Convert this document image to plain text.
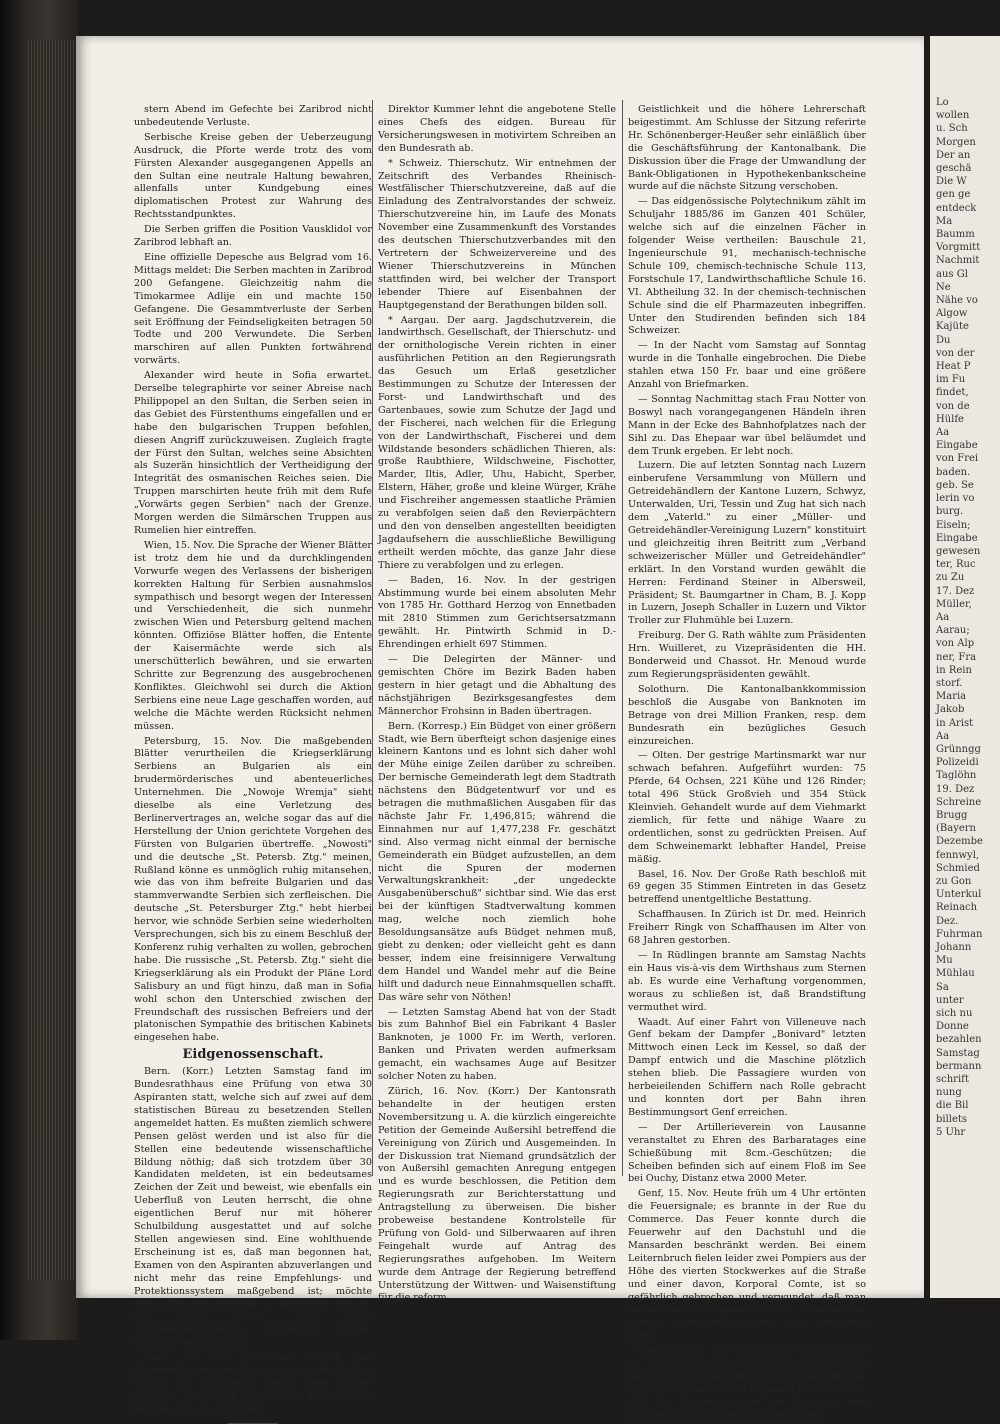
stern Abend im Gefechte bei Zaribrod nicht unbedeutende Verluste.

Serbische Kreise geben der Ueberzeugung Ausdruck, die Pforte werde trotz des vom Fürsten Alexander ausgegangenen Appells an den Sultan eine neutrale Haltung bewahren, allenfalls unter Kundgebung eines diplomatischen Protest zur Wahrung des Rechtsstandpunktes.

Die Serben griffen die Position Vausklidol vor Zaribrod lebhaft an.

Eine offizielle Depesche aus Belgrad vom 16. Mittags meldet: Die Serben machten in Zaribrod 200 Gefangene. Gleichzeitig nahm die Timokarmee Adlije ein und machte 150 Gefangene. Die Gesammtverluste der Serben seit Eröffnung der Feindseligkeiten betragen 50 Todte und 200 Verwundete. Die Serben marschiren auf allen Punkten fortwährend vorwärts.

Alexander wird heute in Sofia erwartet. Derselbe telegraphirte vor seiner Abreise nach Philippopel an den Sultan, die Serben seien in das Gebiet des Fürstenthums eingefallen und er habe den bulgarischen Truppen befohlen, diesen Angriff zurückzuweisen. Zugleich fragte der Fürst den Sultan, welches seine Absichten als Suzerän hinsichtlich der Vertheidigung der Integrität des osmanischen Reiches seien. Die Truppen marschirten heute früh mit dem Rufe „Vorwärts gegen Serbien" nach der Grenze. Morgen werden die Silmärschen Truppen aus Rumelien hier eintreffen.

Wien, 15. Nov. Die Sprache der Wiener Blätter ist trotz dem hie und da durchklingenden Vorwurfe wegen des Verlassens der bisherigen korrekten Haltung für Serbien ausnahmslos sympathisch und besorgt wegen der Interessen und Verschiedenheit, die sich nunmehr zwischen Wien und Petersburg geltend machen könnten. Offiziöse Blätter hoffen, die Entente der Kaisermächte werde sich als unerschütterlich bewähren, und sie erwarten Schritte zur Begrenzung des ausgebrochenen Konfliktes. Gleichwohl sei durch die Aktion Serbiens eine neue Lage geschaffen worden, auf welche die Mächte werden Rücksicht nehmen müssen.

Petersburg, 15. Nov. Die maßgebenden Blätter verurtheilen die Kriegserklärung Serbiens an Bulgarien als ein brudermörderisches und abenteuerliches Unternehmen. Die „Nowoje Wremja" sieht dieselbe als eine Verletzung des Berlinervertrages an, welche sogar das auf die Herstellung der Union gerichtete Vorgehen des Fürsten von Bulgarien übertreffe. „Nowosti" und die deutsche „St. Petersb. Ztg." meinen, Rußland könne es unmöglich ruhig mitansehen, wie das von ihm befreite Bulgarien und das stammverwandte Serbien sich zerfleischen. Die deutsche „St. Petersburger Ztg." hebt hierbei hervor, wie schnöde Serbien seine wiederholten Versprechungen, sich bis zu einem Beschluß der Konferenz ruhig verhalten zu wollen, gebrochen habe. Die russische „St. Petersb. Ztg." sieht die Kriegserklärung als ein Produkt der Pläne Lord Salisbury an und fügt hinzu, daß man in Sofia wohl schon den Unterschied zwischen der Freundschaft des russischen Befreiers und der platonischen Sympathie des britischen Kabinets eingesehen habe.

Eidgenossenschaft.

Bern. (Korr.) Letzten Samstag fand im Bundesrathhaus eine Prüfung von etwa 30 Aspiranten statt, welche sich auf zwei auf dem statistischen Büreau zu besetzenden Stellen angemeldet hatten. Es mußten ziemlich schwere Pensen gelöst werden und ist also für die Stellen eine bedeutende wissenschaftliche Bildung nöthig; daß sich trotzdem über 30 Kandidaten meldeten, ist ein bedeutsames Zeichen der Zeit und beweist, wie ebenfalls ein Ueberfluß von Leuten herrscht, die ohne eigentlichen Beruf nur mit höherer Schulbildung ausgestattet und auf solche Stellen angewiesen sind. Eine wohlthuende Erscheinung ist es, daß man begonnen hat, Examen von den Aspiranten abzuverlangen und nicht mehr das reine Empfehlungs- und Protektionssystem maßgebend ist; möchte dieses für eine Republik so unwürdige System, das heute leider noch viele verdammungswürdige Auswüchse treibt, gänzlich verschwinden.

Bern, 16. Nov. Zwischen Belgien und Frankreich wird unablässig unterhandelt. Man glaubt, ein Entscheid werde diese Woche erfolgen. Frankreich ist sichtlich bemüht, mit Belgien sich zu arrangiren.

Direktor Kummer lehnt die angebotene Stelle eines Chefs des eidgen. Bureau für Versicherungswesen in motivirtem Schreiben an den Bundesrath ab.

* Schweiz. Thierschutz. Wir entnehmen der Zeitschrift des Verbandes Rheinisch-Westfälischer Thierschutzvereine, daß auf die Einladung des Zentralvorstandes der schweiz. Thierschutzvereine hin, im Laufe des Monats November eine Zusammenkunft des Vorstandes des deutschen Thierschutzverbandes mit den Vertretern der Schweizervereine und des Wiener Thierschutzvereins in München stattfinden wird, bei welcher der Transport lebender Thiere auf Eisenbahnen der Hauptgegenstand der Berathungen bilden soll.

* Aargau. Der aarg. Jagdschutzverein, die landwirthsch. Gesellschaft, der Thierschutz- und der ornithologische Verein richten in einer ausführlichen Petition an den Regierungsrath das Gesuch um Erlaß gesetzlicher Bestimmungen zu Schutze der Interessen der Forst- und Landwirthschaft und des Gartenbaues, sowie zum Schutze der Jagd und der Fischerei, nach welchen für die Erlegung von der Landwirthschaft, Fischerei und dem Wildstande besonders schädlichen Thieren, als: große Raubthiere, Wildschweine, Fischotter, Marder, Iltis, Adler, Uhu, Habicht, Sperber, Elstern, Häher, große und kleine Würger, Krähe und Fischreiher angemessen staatliche Prämien zu verabfolgen seien daß den Revierpächtern und den von denselben angestellten beeidigten Jagdaufsehern die ausschließliche Bewilligung ertheilt werden möchte, das ganze Jahr diese Thiere zu verabfolgen und zu erlegen.

— Baden, 16. Nov. In der gestrigen Abstimmung wurde bei einem absoluten Mehr von 1785 Hr. Gotthard Herzog von Ennetbaden mit 2810 Stimmen zum Gerichtsersatzmann gewählt. Hr. Pintwirth Schmid in D.-Ehrendingen erhielt 697 Stimmen.

— Die Delegirten der Männer- und gemischten Chöre im Bezirk Baden haben gestern in hier getagt und die Abhaltung des nächstjährigen Bezirksgesangfestes dem Männerchor Frohsinn in Baden übertragen.

Bern. (Korresp.) Ein Büdget von einer größern Stadt, wie Bern überfteigt schon dasjenige eines kleinern Kantons und es lohnt sich daher wohl der Mühe einige Zeilen darüber zu schreiben. Der bernische Gemeinderath legt dem Stadtrath nächstens den Büdgetentwurf vor und es betragen die muthmaßlichen Ausgaben für das nächste Jahr Fr. 1,496,815; während die Einnahmen nur auf 1,477,238 Fr. geschätzt sind. Also vermag nicht einmal der bernische Gemeinderath ein Büdget aufzustellen, an dem nicht die Spuren der modernen Verwaltungskrankheit: „der ungedeckte Ausgabenüberschuß" sichtbar sind. Wie das erst bei der künftigen Stadtverwaltung kommen mag, welche noch ziemlich hohe Besoldungsansätze aufs Büdget nehmen muß, giebt zu denken; oder vielleicht geht es dann besser, indem eine freisinnigere Verwaltung dem Handel und Wandel mehr auf die Beine hilft und dadurch neue Einnahmsquellen schafft. Das wäre sehr von Nöthen!

— Letzten Samstag Abend hat von der Stadt bis zum Bahnhof Biel ein Fabrikant 4 Basler Banknoten, je 1000 Fr. im Werth, verloren. Banken und Privaten werden aufmerksam gemacht, ein wachsames Auge auf Besitzer solcher Noten zu haben.

Zürich, 16. Nov. (Korr.) Der Kantonsrath behandelte in der heutigen ersten Novembersitzung u. A. die kürzlich eingereichte Petition der Gemeinde Außersihl betreffend die Vereinigung von Zürich und Ausgemeinden. In der Diskussion trat Niemand grundsätzlich der von Außersihl gemachten Anregung entgegen und es wurde beschlossen, die Petition dem Regierungsrath zur Berichterstattung und Antragstellung zu überweisen. Die bisher probeweise bestandene Kontrolstelle für Prüfung von Gold- und Silberwaaren auf ihren Feingehalt wurde auf Antrag des Regierungsrathes aufgehoben. Im Weitern wurde dem Antrage der Regierung betreffend Unterstützung der Wittwen- und Waisenstiftung für die reform.

Geistlichkeit und die höhere Lehrerschaft beigestimmt. Am Schlusse der Sitzung referirte Hr. Schönenberger-Heußer sehr einläßlich über die Geschäftsführung der Kantonalbank. Die Diskussion über die Frage der Umwandlung der Bank-Obligationen in Hypothekenbankscheine wurde auf die nächste Sitzung verschoben.

— Das eidgenössische Polytechnikum zählt im Schuljahr 1885/86 im Ganzen 401 Schüler, welche sich auf die einzelnen Fächer in folgender Weise vertheilen: Bauschule 21, Ingenieurschule 91, mechanisch-technische Schule 109, chemisch-technische Schule 113, Forstschule 17, Landwirthschaftliche Schule 16. VI. Abtheilung 32. In der chemisch-technischen Schule sind die elf Pharmazeuten inbegriffen. Unter den Studirenden befinden sich 184 Schweizer.

— In der Nacht vom Samstag auf Sonntag wurde in die Tonhalle eingebrochen. Die Diebe stahlen etwa 150 Fr. baar und eine größere Anzahl von Briefmarken.

— Sonntag Nachmittag stach Frau Notter von Boswyl nach vorangegangenen Händeln ihren Mann in der Ecke des Bahnhofplatzes nach der Sihl zu. Das Ehepaar war übel beläumdet und dem Trunk ergeben. Er lebt noch.

Luzern. Die auf letzten Sonntag nach Luzern einberufene Versammlung von Müllern und Getreidehändlern der Kantone Luzern, Schwyz, Unterwalden, Uri, Tessin und Zug hat sich nach dem „Vaterld." zu einer „Müller- und Getreidehändler-Vereinigung Luzern" konstituirt und gleichzeitig ihren Beitritt zum „Verband schweizerischer Müller und Getreidehändler" erklärt. In den Vorstand wurden gewählt die Herren: Ferdinand Steiner in Albersweil, Präsident; St. Baumgartner in Cham, B. J. Kopp in Luzern, Joseph Schaller in Luzern und Viktor Troller zur Fluhmühle bei Luzern.

Freiburg. Der G. Rath wählte zum Präsidenten Hrn. Wuilleret, zu Vizepräsidenten die HH. Bonderweid und Chassot. Hr. Menoud wurde zum Regierungspräsidenten gewählt.

Solothurn. Die Kantonalbankkommission beschloß die Ausgabe von Banknoten im Betrage von drei Million Franken, resp. dem Bundesrath ein bezügliches Gesuch einzureichen.

— Olten. Der gestrige Martinsmarkt war nur schwach befahren. Aufgeführt wurden: 75 Pferde, 64 Ochsen, 221 Kühe und 126 Rinder; total 496 Stück Großvieh und 354 Stück Kleinvieh. Gehandelt wurde auf dem Viehmarkt ziemlich, für fette und nähige Waare zu ordentlichen, sonst zu gedrückten Preisen. Auf dem Schweinemarkt lebhafter Handel, Preise mäßig.

Basel, 16. Nov. Der Große Rath beschloß mit 69 gegen 35 Stimmen Eintreten in das Gesetz betreffend unentgeltliche Bestattung.

Schaffhausen. In Zürich ist Dr. med. Heinrich Freiherr Ringk von Schaffhausen im Alter von 68 Jahren gestorben.

— In Rüdlingen brannte am Samstag Nachts ein Haus vis-à-vis dem Wirthshaus zum Sternen ab. Es wurde eine Verhaftung vorgenommen, woraus zu schließen ist, daß Brandstiftung vermuthet wird.

Waadt. Auf einer Fahrt von Villeneuve nach Genf bekam der Dampfer „Bonivard" letzten Mittwoch einen Leck im Kessel, so daß der Dampf entwich und die Maschine plötzlich stehen blieb. Die Passagiere wurden von herbeieilenden Schiffern nach Rolle gebracht und konnten dort per Bahn ihren Bestimmungsort Genf erreichen.

— Der Artillerieverein von Lausanne veranstaltet zu Ehren des Barbaratages eine Schießübung mit 8cm.-Geschützen; die Scheiben befinden sich auf einem Floß im See bei Ouchy, Distanz etwa 2000 Meter.

Genf, 15. Nov. Heute früh um 4 Uhr ertönten die Feuersignale; es brannte in der Rue du Commerce. Das Feuer konnte durch die Feuerwehr auf den Dachstuhl und die Mansarden beschränkt werden. Bei einem Leiternbruch fielen leider zwei Pompiers aus der Höhe des vierten Stockwerkes auf die Straße und einer davon, Korporal Comte, ist so gefährlich gebrochen und verwundet, daß man an seinem Fortkommen zweifelt, während der andere merkwürdigerweise fast unverletzt blieb.

Rom, 15. dies. Der französische Gesandte frug an, ob Italien an einer Weltausstellung in Paris im Jahre 1889 theilnehmen würde. Der Minister des Aeußern antwortete bejahend und fügte bei, daß die Regierung von der Kammer den nöthigen Kredit zu verlangen bereit sei.

Lo
wollen
u. Sch
Morgen
Der an
geschä
Die W
gen ge
entdeck
Ma
Baumm
Vorgmitt
Nachmit
aus Gl
Ne
Nähe vo
Algow
Kajüte
Du
von der
Heat P
im Fu
findet,
von de
Hülfe
Aa
Eingabe
von Frei
baden.
geb. Se
lerin vo
burg.
Eiseln;
Eingabe
gewesen
ter, Ruc
zu Zu
17. Dez
Müller,
Aa
Aarau;
von Alp
ner, Fra
in Rein
storf.
Maria
Jakob
in Arist
Aa
Grünngg
Polizeidi
Taglöhn
19. Dez
Schreine
Brugg
(Bayern
Dezembe
fennwyl,
Schmied
zu Gon
Unterkul
Reinach
Dez.
Fuhrman
Johann
Mu
Mühlau
Sa
unter
sich nu
Donne
bezahlen
Samstag
bermann
schrift
nung
die Bil
billets
5 Uhr
